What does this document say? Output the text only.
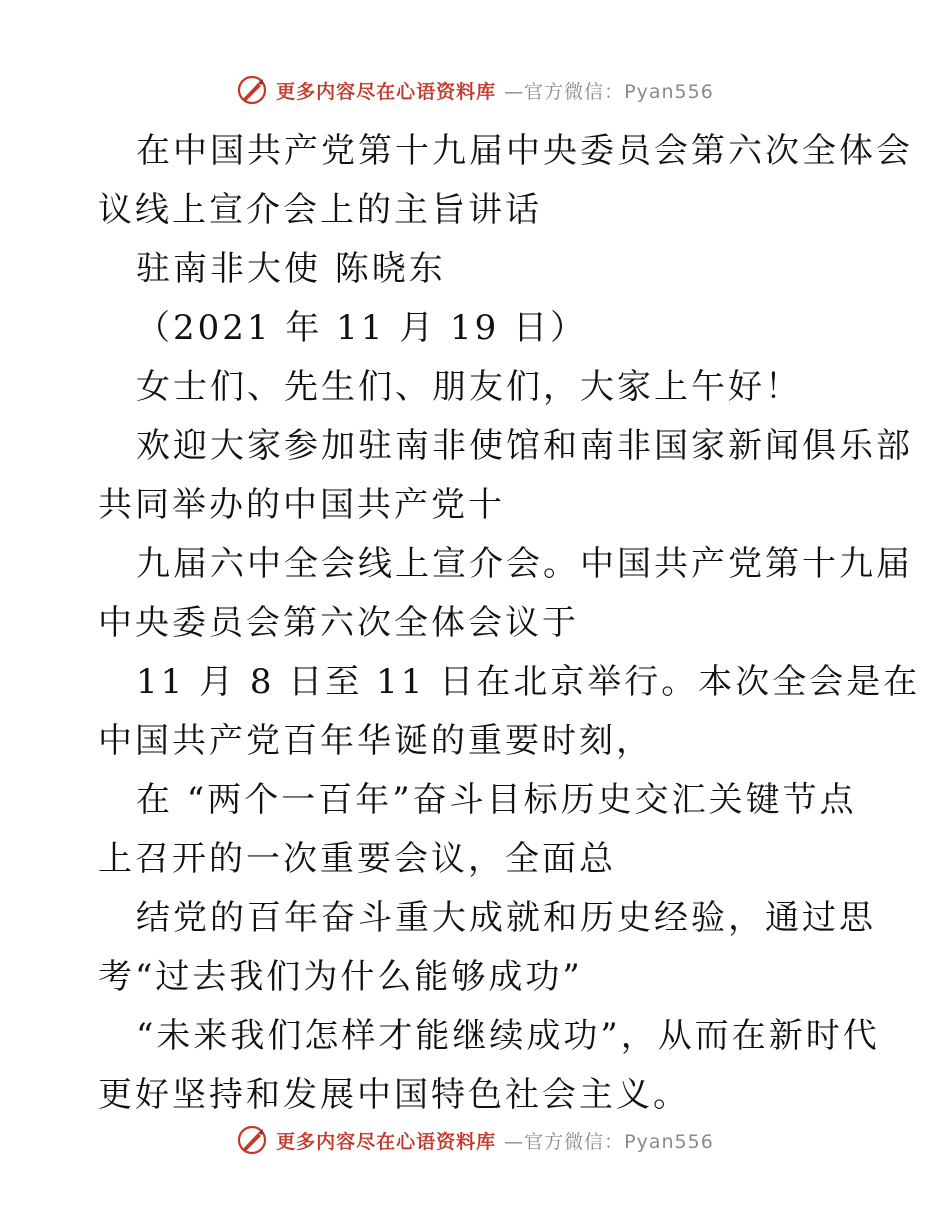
更多内容尽在心语资料库 —官方微信：Pyan556
在中国共产党第十九届中央委员会第六次全体会
议线上宣介会上的主旨讲话
驻南非大使 陈晓东
（2021 年 11 月 19 日）
女士们、先生们、朋友们，大家上午好！
欢迎大家参加驻南非使馆和南非国家新闻俱乐部
共同举办的中国共产党十
九届六中全会线上宣介会。中国共产党第十九届
中央委员会第六次全体会议于
11 月 8 日至 11 日在北京举行。本次全会是在
中国共产党百年华诞的重要时刻，
在 “两个一百年”奋斗目标历史交汇关键节点
上召开的一次重要会议，全面总
结党的百年奋斗重大成就和历史经验，通过思
考“过去我们为什么能够成功”
“未来我们怎样才能继续成功”，从而在新时代
更好坚持和发展中国特色社会主义。
更多内容尽在心语资料库 —官方微信：Pyan556
